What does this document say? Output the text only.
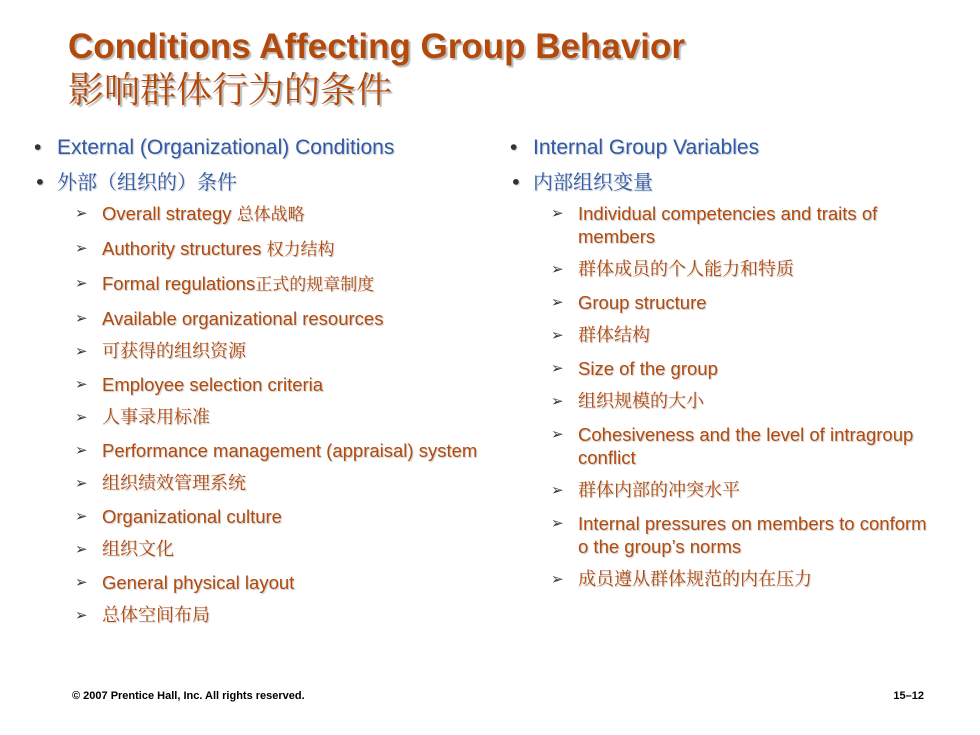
Conditions Affecting Group Behavior
影响群体行为的条件
• External (Organizational) Conditions
• 外部（组织的）条件
➢ Overall strategy 总体战略
➢ Authority structures 权力结构
➢ Formal regulations正式的规章制度
➢ Available organizational resources
➢ 可获得的组织资源
➢ Employee selection criteria
➢ 人事录用标准
➢ Performance management (appraisal) system
➢ 组织绩效管理系统
➢ Organizational culture
➢ 组织文化
➢ General physical layout
➢ 总体空间布局
• Internal Group Variables
• 内部组织变量
➢ Individual competencies and traits of members
➢ 群体成员的个人能力和特质
➢ Group structure
➢ 群体结构
➢ Size of the group
➢ 组织规模的大小
➢ Cohesiveness and the level of intragroup conflict
➢ 群体内部的冲突水平
➢ Internal pressures on members to conform o the group’s norms
➢ 成员遵从群体规范的内在压力
© 2007 Prentice Hall, Inc. All rights reserved.	15–12
